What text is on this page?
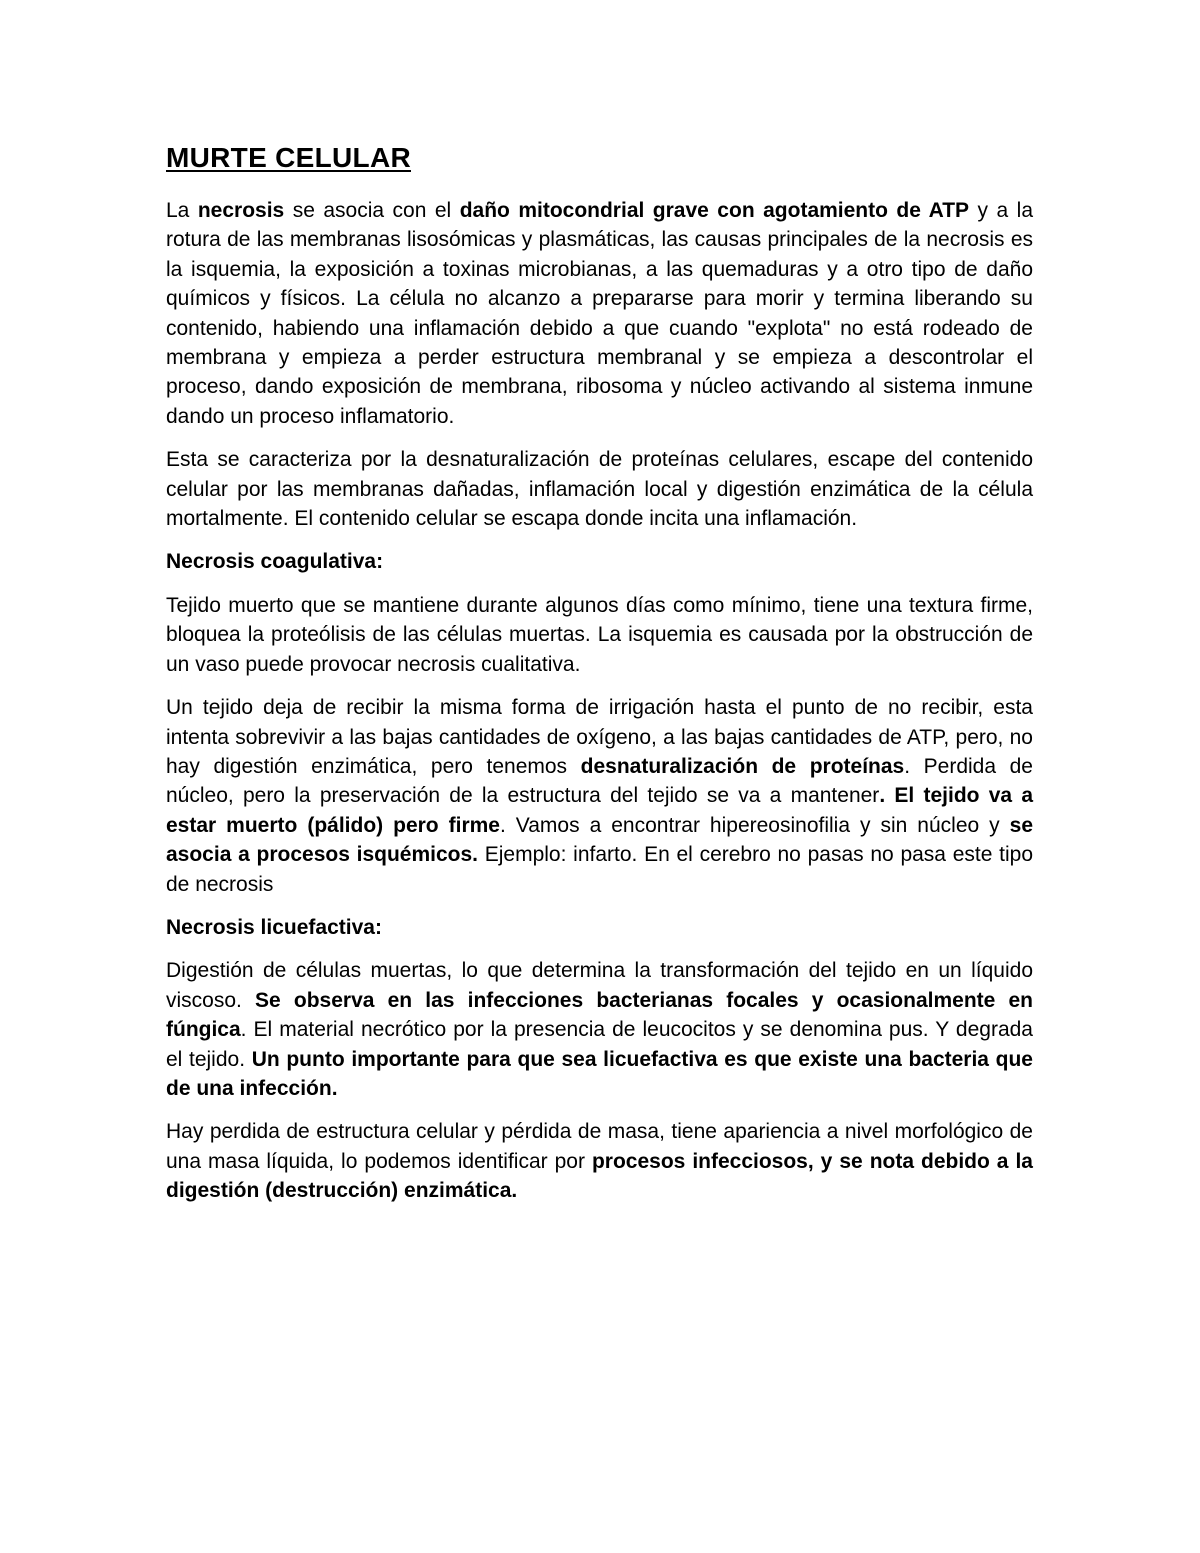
MURTE CELULAR

La necrosis se asocia con el daño mitocondrial grave con agotamiento de ATP y a la rotura de las membranas lisosómicas y plasmáticas, las causas principales de la necrosis es la isquemia, la exposición a toxinas microbianas, a las quemaduras y a otro tipo de daño químicos y físicos. La célula no alcanzo a prepararse para morir y termina liberando su contenido, habiendo una inflamación debido a que cuando "explota" no está rodeado de membrana y empieza a perder estructura membranal y se empieza a descontrolar el proceso, dando exposición de membrana, ribosoma y núcleo activando al sistema inmune dando un proceso inflamatorio.

Esta se caracteriza por la desnaturalización de proteínas celulares, escape del contenido celular por las membranas dañadas, inflamación local y digestión enzimática de la célula mortalmente. El contenido celular se escapa donde incita una inflamación.

Necrosis coagulativa:

Tejido muerto que se mantiene durante algunos días como mínimo, tiene una textura firme, bloquea la proteólisis de las células muertas. La isquemia es causada por la obstrucción de un vaso puede provocar necrosis cualitativa.

Un tejido deja de recibir la misma forma de irrigación hasta el punto de no recibir, esta intenta sobrevivir a las bajas cantidades de oxígeno, a las bajas cantidades de ATP, pero, no hay digestión enzimática, pero tenemos desnaturalización de proteínas. Perdida de núcleo, pero la preservación de la estructura del tejido se va a mantener. El tejido va a estar muerto (pálido) pero firme. Vamos a encontrar hipereosinofilia y sin núcleo y se asocia a procesos isquémicos. Ejemplo: infarto. En el cerebro no pasas no pasa este tipo de necrosis

Necrosis licuefactiva:

Digestión de células muertas, lo que determina la transformación del tejido en un líquido viscoso. Se observa en las infecciones bacterianas focales y ocasionalmente en fúngica. El material necrótico por la presencia de leucocitos y se denomina pus. Y degrada el tejido. Un punto importante para que sea licuefactiva es que existe una bacteria que de una infección.

Hay perdida de estructura celular y pérdida de masa, tiene apariencia a nivel morfológico de una masa líquida, lo podemos identificar por procesos infecciosos, y se nota debido a la digestión (destrucción) enzimática.
